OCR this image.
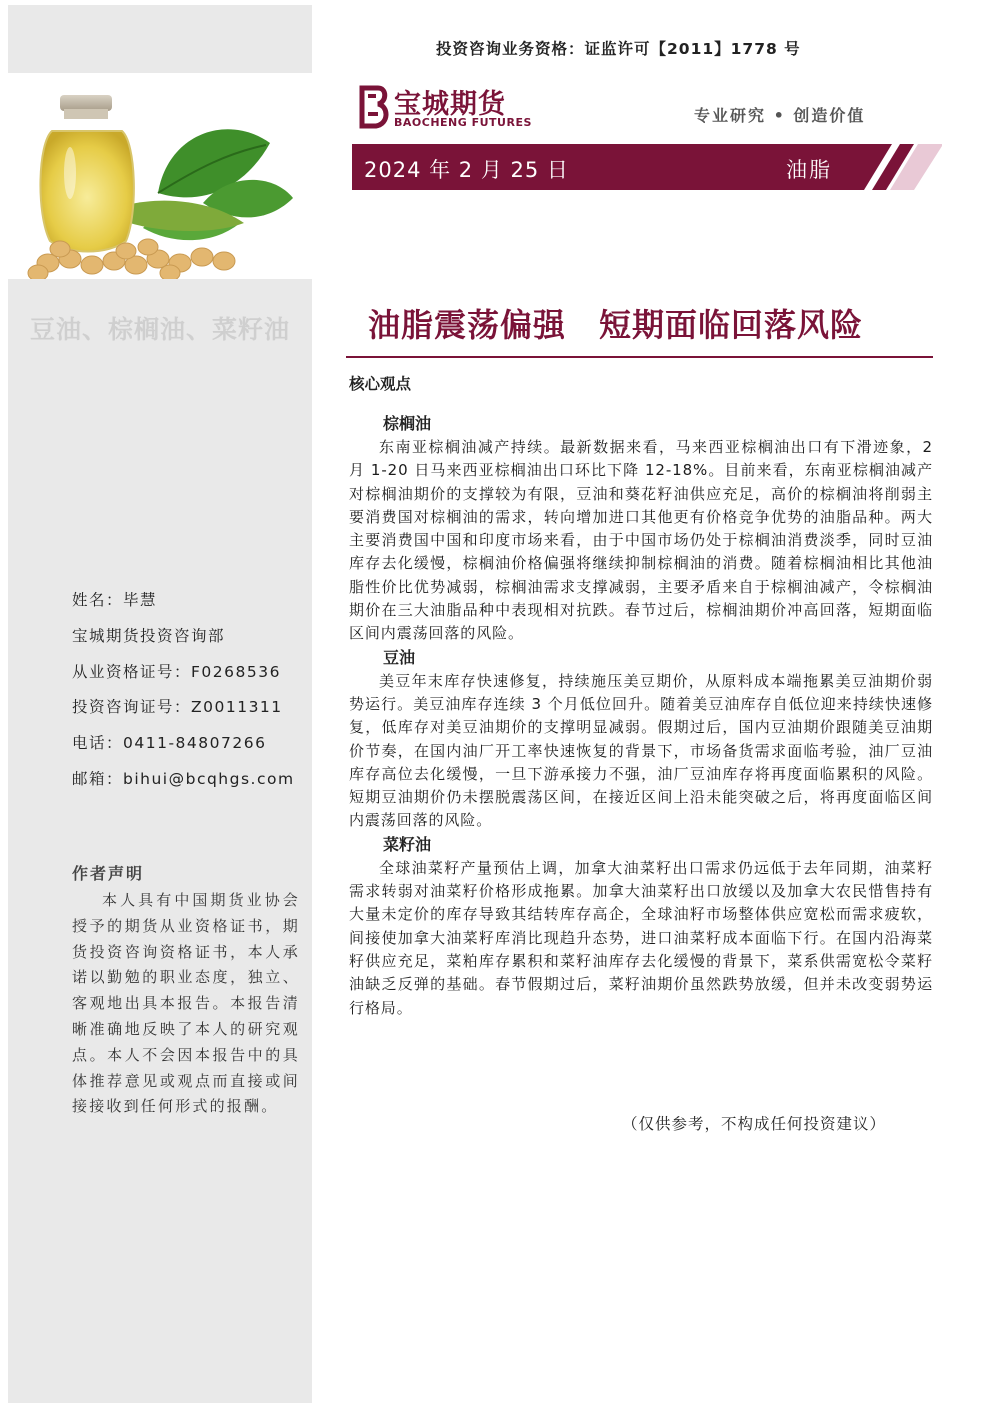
豆油、棕榈油、菜籽油
姓名：毕慧
宝城期货投资咨询部
从业资格证号：F0268536
投资咨询证号：Z0011311
电话：0411-84807266
邮箱：bihui@bcqhgs.com
作者声明
本人具有中国期货业协会授予的期货从业资格证书，期货投资咨询资格证书，本人承诺以勤勉的职业态度，独立、客观地出具本报告。本报告清晰准确地反映了本人的研究观点。本人不会因本报告中的具体推荐意见或观点而直接或间接接收到任何形式的报酬。
投资咨询业务资格：证监许可【2011】1778 号
宝城期货
BAOCHENG FUTURES	专业研究 • 创造价值
2024 年 2 月 25 日	油脂
油脂震荡偏强　短期面临回落风险
核心观点
棕榈油

东南亚棕榈油减产持续。最新数据来看，马来西亚棕榈油出口有下滑迹象，2 月 1-20 日马来西亚棕榈油出口环比下降 12-18%。目前来看，东南亚棕榈油减产对棕榈油期价的支撑较为有限，豆油和葵花籽油供应充足，高价的棕榈油将削弱主要消费国对棕榈油的需求，转向增加进口其他更有价格竞争优势的油脂品种。两大主要消费国中国和印度市场来看，由于中国市场仍处于棕榈油消费淡季，同时豆油库存去化缓慢，棕榈油价格偏强将继续抑制棕榈油的消费。随着棕榈油相比其他油脂性价比优势减弱，棕榈油需求支撑减弱，主要矛盾来自于棕榈油减产，令棕榈油期价在三大油脂品种中表现相对抗跌。春节过后，棕榈油期价冲高回落，短期面临区间内震荡回落的风险。

豆油

美豆年末库存快速修复，持续施压美豆期价，从原料成本端拖累美豆油期价弱势运行。美豆油库存连续 3 个月低位回升。随着美豆油库存自低位迎来持续快速修复，低库存对美豆油期价的支撑明显减弱。假期过后，国内豆油期价跟随美豆油期价节奏，在国内油厂开工率快速恢复的背景下，市场备货需求面临考验，油厂豆油库存高位去化缓慢，一旦下游承接力不强，油厂豆油库存将再度面临累积的风险。短期豆油期价仍未摆脱震荡区间，在接近区间上沿未能突破之后，将再度面临区间内震荡回落的风险。

菜籽油

全球油菜籽产量预估上调，加拿大油菜籽出口需求仍远低于去年同期，油菜籽需求转弱对油菜籽价格形成拖累。加拿大油菜籽出口放缓以及加拿大农民惜售持有大量未定价的库存导致其结转库存高企，全球油籽市场整体供应宽松而需求疲软，间接使加拿大油菜籽库消比现趋升态势，进口油菜籽成本面临下行。在国内沿海菜籽供应充足，菜粕库存累积和菜籽油库存去化缓慢的背景下，菜系供需宽松令菜籽油缺乏反弹的基础。春节假期过后，菜籽油期价虽然跌势放缓，但并未改变弱势运行格局。

（仅供参考，不构成任何投资建议）
